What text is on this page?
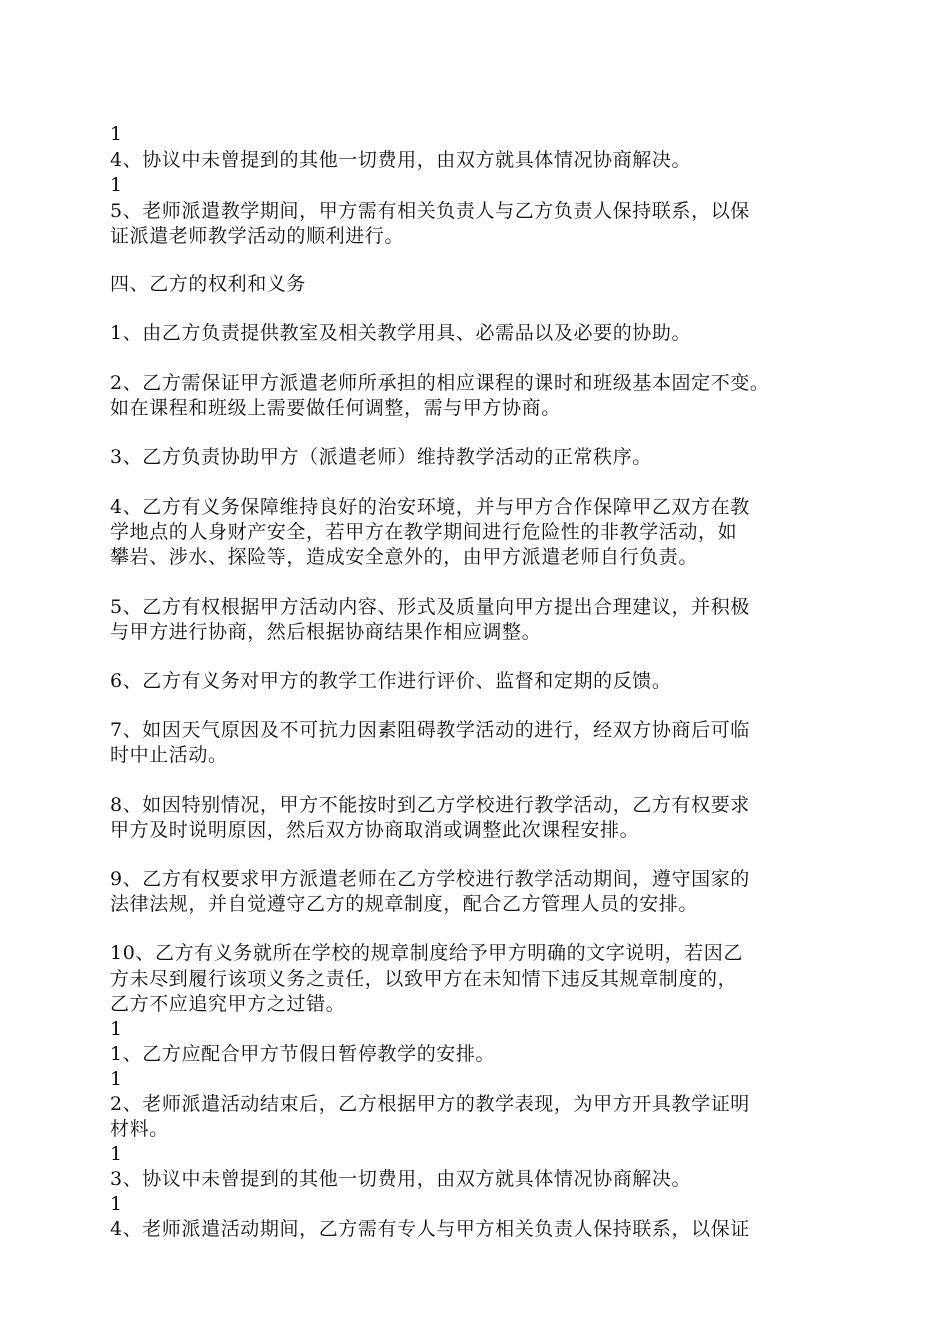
1
4、协议中未曾提到的其他一切费用，由双方就具体情况协商解决。
1
5、老师派遣教学期间，甲方需有相关负责人与乙方负责人保持联系，以保
证派遣老师教学活动的顺利进行。
四、乙方的权利和义务
1、由乙方负责提供教室及相关教学用具、必需品以及必要的协助。
2、乙方需保证甲方派遣老师所承担的相应课程的课时和班级基本固定不变。
如在课程和班级上需要做任何调整，需与甲方协商。
3、乙方负责协助甲方（派遣老师）维持教学活动的正常秩序。
4、乙方有义务保障维持良好的治安环境，并与甲方合作保障甲乙双方在教
学地点的人身财产安全，若甲方在教学期间进行危险性的非教学活动，如
攀岩、涉水、探险等，造成安全意外的，由甲方派遣老师自行负责。
5、乙方有权根据甲方活动内容、形式及质量向甲方提出合理建议，并积极
与甲方进行协商，然后根据协商结果作相应调整。
6、乙方有义务对甲方的教学工作进行评价、监督和定期的反馈。
7、如因天气原因及不可抗力因素阻碍教学活动的进行，经双方协商后可临
时中止活动。
8、如因特别情况，甲方不能按时到乙方学校进行教学活动，乙方有权要求
甲方及时说明原因，然后双方协商取消或调整此次课程安排。
9、乙方有权要求甲方派遣老师在乙方学校进行教学活动期间，遵守国家的
法律法规，并自觉遵守乙方的规章制度，配合乙方管理人员的安排。
10、乙方有义务就所在学校的规章制度给予甲方明确的文字说明，若因乙
方未尽到履行该项义务之责任，以致甲方在未知情下违反其规章制度的，
乙方不应追究甲方之过错。
1
1、乙方应配合甲方节假日暂停教学的安排。
1
2、老师派遣活动结束后，乙方根据甲方的教学表现，为甲方开具教学证明
材料。
1
3、协议中未曾提到的其他一切费用，由双方就具体情况协商解决。
1
4、老师派遣活动期间，乙方需有专人与甲方相关负责人保持联系，以保证
